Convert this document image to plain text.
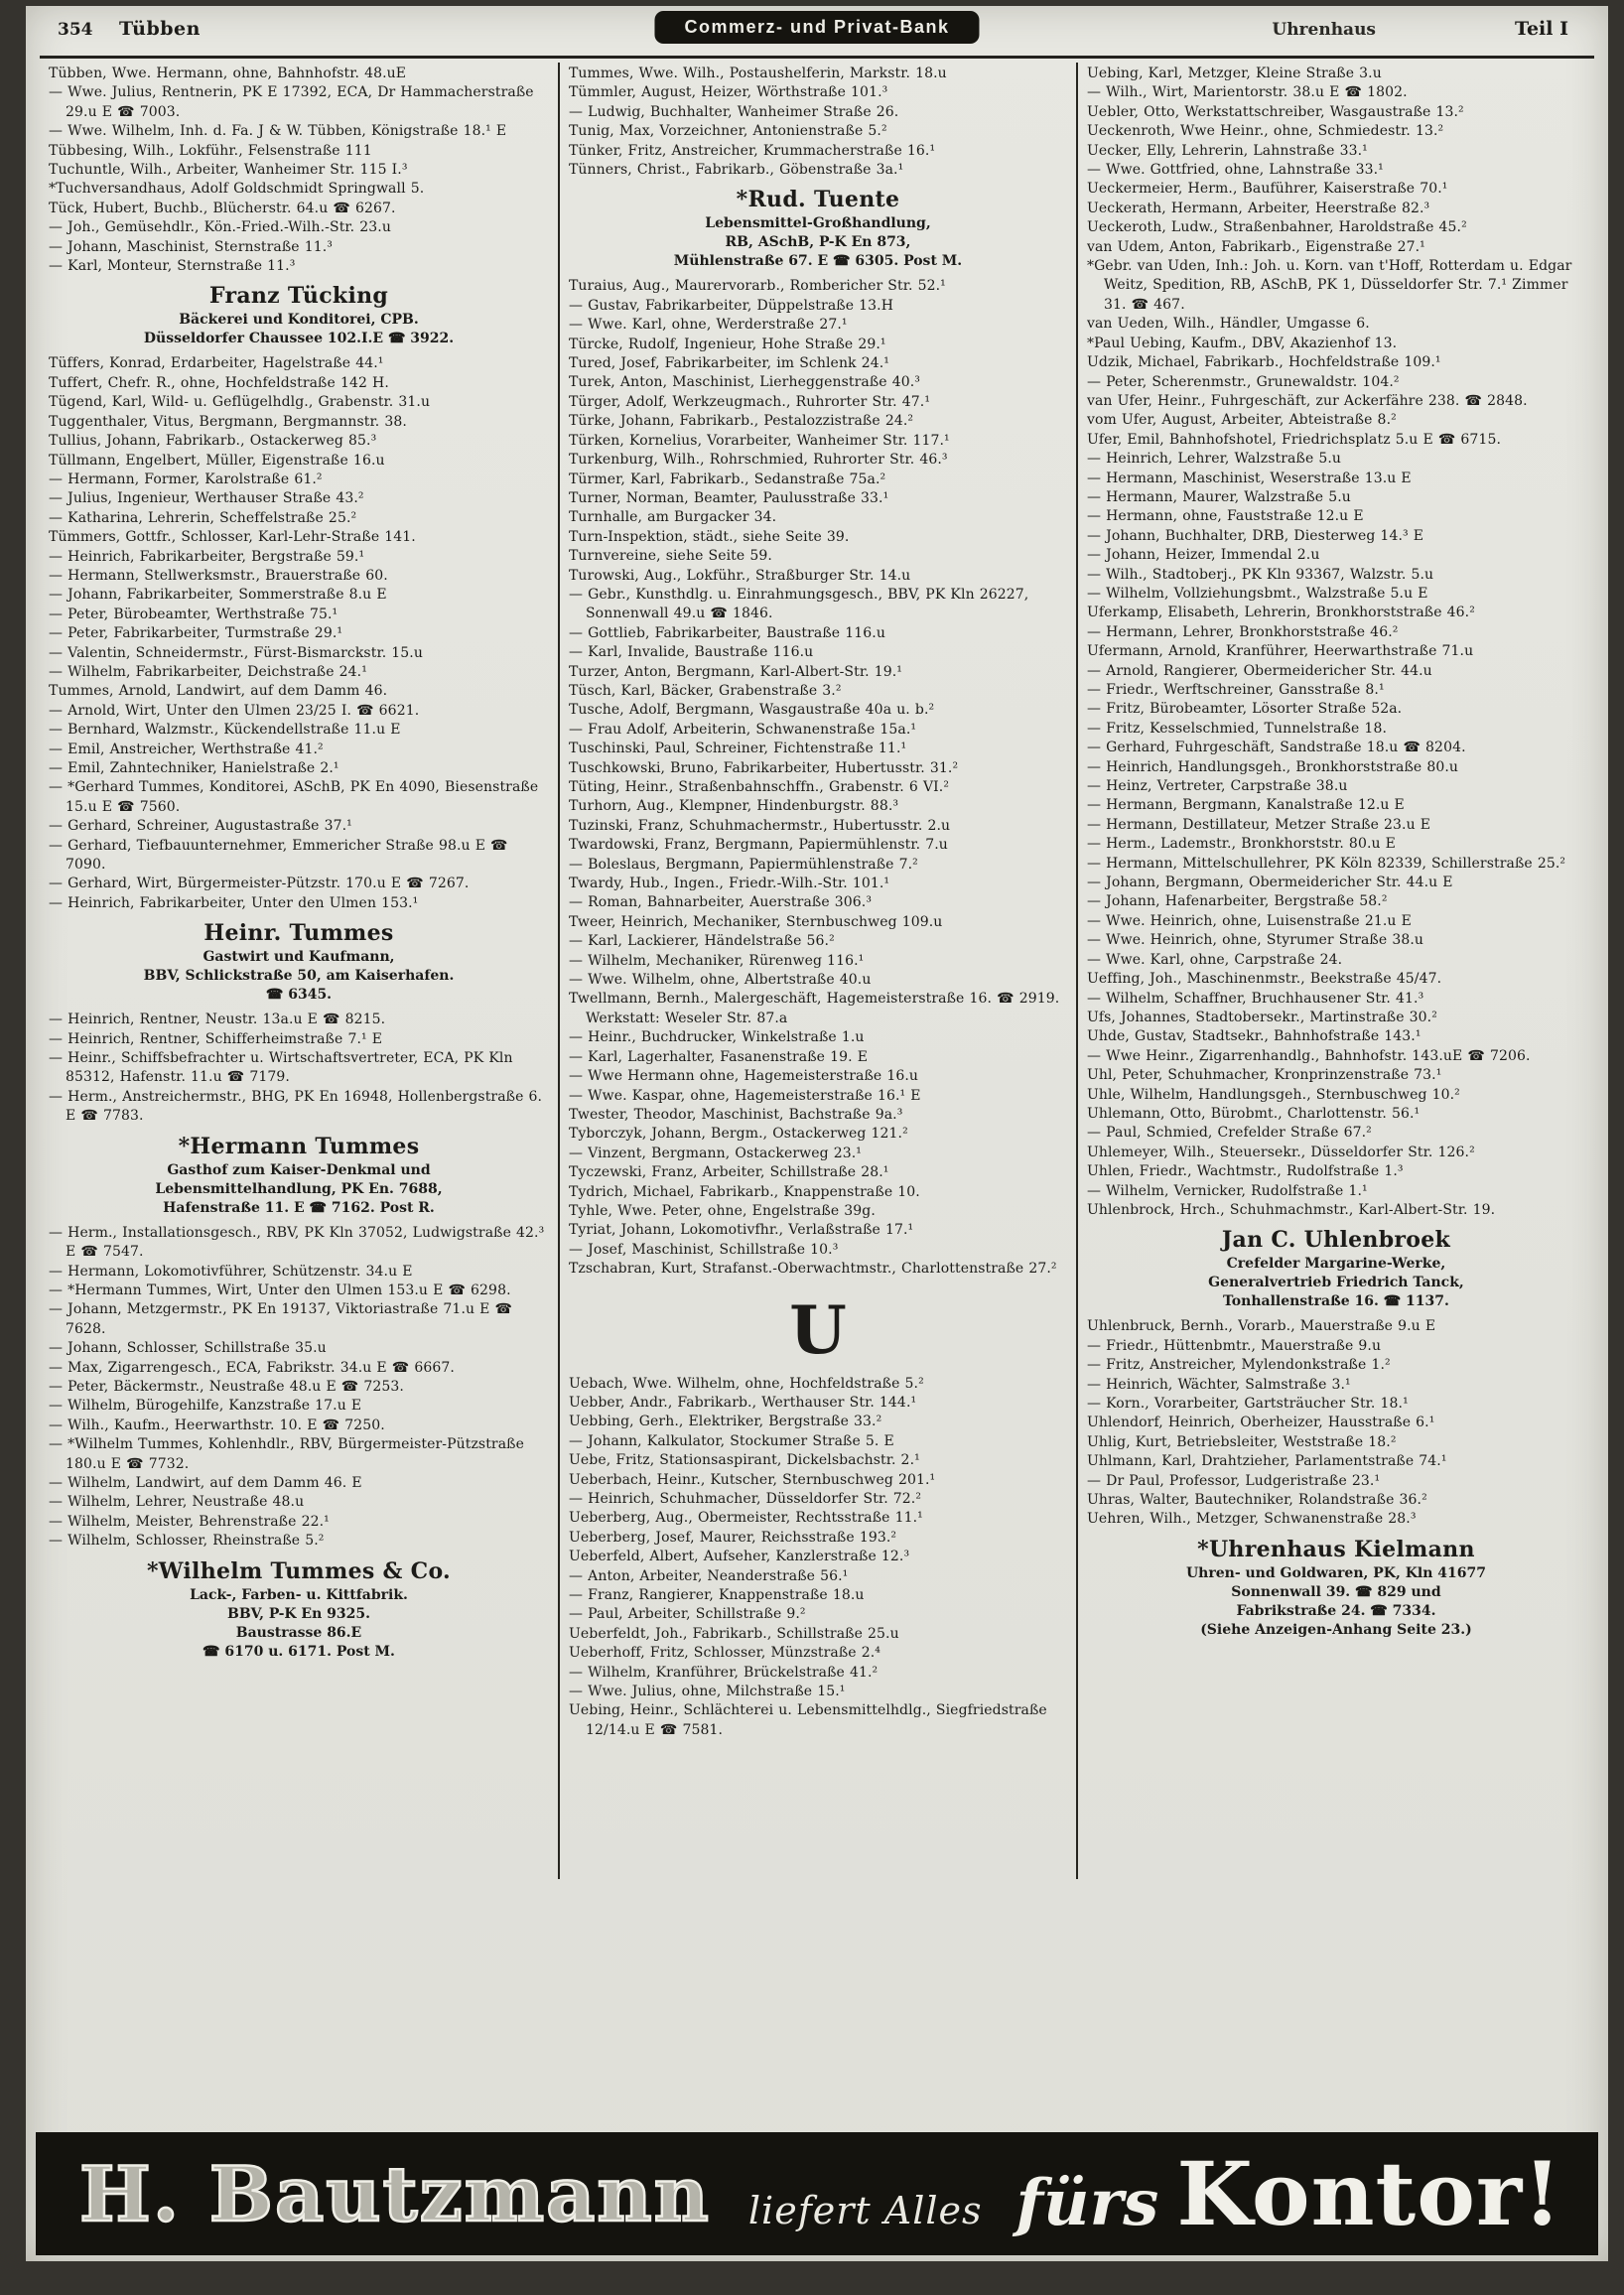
354 Tübben	Commerz- und Privat-Bank	Uhrenhaus	Teil I
Tübben, Wwe. Hermann, ohne, Bahnhofstr. 48.uE
— Wwe. Julius, Rentnerin, PK E 17392, ECA, Dr Hammacherstraße 29.u E ☎ 7003.
— Wwe. Wilhelm, Inh. d. Fa. J & W. Tübben, Königstraße 18.¹ E
Tübbesing, Wilh., Lokführ., Felsenstraße 111
Tuchuntle, Wilh., Arbeiter, Wanheimer Str. 115 I.³
*Tuchversandhaus, Adolf Goldschmidt Springwall 5.
Tück, Hubert, Buchb., Blücherstr. 64.u ☎ 6267.
— Joh., Gemüsehdlr., Kön.-Fried.-Wilh.-Str. 23.u
— Johann, Maschinist, Sternstraße 11.³
— Karl, Monteur, Sternstraße 11.³
Franz Tücking
Bäckerei und Konditorei, CPB.
Düsseldorfer Chaussee 102.I.E ☎ 3922.
Tüffers, Konrad, Erdarbeiter, Hagelstraße 44.¹
Tuffert, Chefr. R., ohne, Hochfeldstraße 142 H.
Tügend, Karl, Wild- u. Geflügelhdlg., Grabenstr. 31.u
Tuggenthaler, Vitus, Bergmann, Bergmannstr. 38.
Tullius, Johann, Fabrikarb., Ostackerweg 85.³
Tüllmann, Engelbert, Müller, Eigenstraße 16.u
— Hermann, Former, Karolstraße 61.²
— Julius, Ingenieur, Werthauser Straße 43.²
— Katharina, Lehrerin, Scheffelstraße 25.²
Tümmers, Gottfr., Schlosser, Karl-Lehr-Straße 141.
— Heinrich, Fabrikarbeiter, Bergstraße 59.¹
— Hermann, Stellwerksmstr., Brauerstraße 60.
— Johann, Fabrikarbeiter, Sommerstraße 8.u E
— Peter, Bürobeamter, Werthstraße 75.¹
— Peter, Fabrikarbeiter, Turmstraße 29.¹
— Valentin, Schneidermstr., Fürst-Bismarckstr. 15.u
— Wilhelm, Fabrikarbeiter, Deichstraße 24.¹
Tummes, Arnold, Landwirt, auf dem Damm 46.
— Arnold, Wirt, Unter den Ulmen 23/25 I. ☎ 6621.
— Bernhard, Walzmstr., Kückendellstraße 11.u E
— Emil, Anstreicher, Werthstraße 41.²
— Emil, Zahntechniker, Hanielstraße 2.¹
— *Gerhard Tummes, Konditorei, ASchB, PK En 4090, Biesenstraße 15.u E ☎ 7560.
— Gerhard, Schreiner, Augustastraße 37.¹
— Gerhard, Tiefbauunternehmer, Emmericher Straße 98.u E ☎ 7090.
— Gerhard, Wirt, Bürgermeister-Pützstr. 170.u E ☎ 7267.
— Heinrich, Fabrikarbeiter, Unter den Ulmen 153.¹
Heinr. Tummes
Gastwirt und Kaufmann,
BBV, Schlickstraße 50, am Kaiserhafen.
☎ 6345.
— Heinrich, Rentner, Neustr. 13a.u E ☎ 8215.
— Heinrich, Rentner, Schifferheimstraße 7.¹ E
— Heinr., Schiffsbefrachter u. Wirtschaftsvertreter, ECA, PK Kln 85312, Hafenstr. 11.u ☎ 7179.
— Herm., Anstreichermstr., BHG, PK En 16948, Hollenbergstraße 6. E ☎ 7783.
*Hermann Tummes
Gasthof zum Kaiser-Denkmal und
Lebensmittelhandlung, PK En. 7688,
Hafenstraße 11. E ☎ 7162. Post R.
— Herm., Installationsgesch., RBV, PK Kln 37052, Ludwigstraße 42.³ E ☎ 7547.
— Hermann, Lokomotivführer, Schützenstr. 34.u E
— *Hermann Tummes, Wirt, Unter den Ulmen 153.u E ☎ 6298.
— Johann, Metzgermstr., PK En 19137, Viktoriastraße 71.u E ☎ 7628.
— Johann, Schlosser, Schillstraße 35.u
— Max, Zigarrengesch., ECA, Fabrikstr. 34.u E ☎ 6667.
— Peter, Bäckermstr., Neustraße 48.u E ☎ 7253.
— Wilhelm, Bürogehilfe, Kanzstraße 17.u E
— Wilh., Kaufm., Heerwarthstr. 10. E ☎ 7250.
— *Wilhelm Tummes, Kohlenhdlr., RBV, Bürgermeister-Pützstraße 180.u E ☎ 7732.
— Wilhelm, Landwirt, auf dem Damm 46. E
— Wilhelm, Lehrer, Neustraße 48.u
— Wilhelm, Meister, Behrenstraße 22.¹
— Wilhelm, Schlosser, Rheinstraße 5.²
*Wilhelm Tummes & Co.
Lack-, Farben- u. Kittfabrik.
BBV, P-K En 9325.
Baustrasse 86.E
☎ 6170 u. 6171. Post M.
Tummes, Wwe. Wilh., Postaushelferin, Markstr. 18.u
Tümmler, August, Heizer, Wörthstraße 101.³
— Ludwig, Buchhalter, Wanheimer Straße 26.
Tunig, Max, Vorzeichner, Antonienstraße 5.²
Tünker, Fritz, Anstreicher, Krummacherstraße 16.¹
Tünners, Christ., Fabrikarb., Göbenstraße 3a.¹
*Rud. Tuente
Lebensmittel-Großhandlung,
RB, ASchB, P-K En 873,
Mühlenstraße 67. E ☎ 6305. Post M.
Turaius, Aug., Maurervorarb., Rombericher Str. 52.¹
— Gustav, Fabrikarbeiter, Düppelstraße 13.H
— Wwe. Karl, ohne, Werderstraße 27.¹
Türcke, Rudolf, Ingenieur, Hohe Straße 29.¹
Tured, Josef, Fabrikarbeiter, im Schlenk 24.¹
Turek, Anton, Maschinist, Lierheggenstraße 40.³
Türger, Adolf, Werkzeugmach., Ruhrorter Str. 47.¹
Türke, Johann, Fabrikarb., Pestalozzistraße 24.²
Türken, Kornelius, Vorarbeiter, Wanheimer Str. 117.¹
Turkenburg, Wilh., Rohrschmied, Ruhrorter Str. 46.³
Türmer, Karl, Fabrikarb., Sedanstraße 75a.²
Turner, Norman, Beamter, Paulusstraße 33.¹
Turnhalle, am Burgacker 34.
Turn-Inspektion, städt., siehe Seite 39.
Turnvereine, siehe Seite 59.
Turowski, Aug., Lokführ., Straßburger Str. 14.u
— Gebr., Kunsthdlg. u. Einrahmungsgesch., BBV, PK Kln 26227, Sonnenwall 49.u ☎ 1846.
— Gottlieb, Fabrikarbeiter, Baustraße 116.u
— Karl, Invalide, Baustraße 116.u
Turzer, Anton, Bergmann, Karl-Albert-Str. 19.¹
Tüsch, Karl, Bäcker, Grabenstraße 3.²
Tusche, Adolf, Bergmann, Wasgaustraße 40a u. b.²
— Frau Adolf, Arbeiterin, Schwanenstraße 15a.¹
Tuschinski, Paul, Schreiner, Fichtenstraße 11.¹
Tuschkowski, Bruno, Fabrikarbeiter, Hubertusstr. 31.²
Tüting, Heinr., Straßenbahnschffn., Grabenstr. 6 VI.²
Turhorn, Aug., Klempner, Hindenburgstr. 88.³
Tuzinski, Franz, Schuhmachermstr., Hubertusstr. 2.u
Twardowski, Franz, Bergmann, Papiermühlenstr. 7.u
— Boleslaus, Bergmann, Papiermühlenstraße 7.²
Twardy, Hub., Ingen., Friedr.-Wilh.-Str. 101.¹
— Roman, Bahnarbeiter, Auerstraße 306.³
Tweer, Heinrich, Mechaniker, Sternbuschweg 109.u
— Karl, Lackierer, Händelstraße 56.²
— Wilhelm, Mechaniker, Rürenweg 116.¹
— Wwe. Wilhelm, ohne, Albertstraße 40.u
Twellmann, Bernh., Malergeschäft, Hagemeisterstraße 16. ☎ 2919. Werkstatt: Weseler Str. 87.a
— Heinr., Buchdrucker, Winkelstraße 1.u
— Karl, Lagerhalter, Fasanenstraße 19. E
— Wwe Hermann ohne, Hagemeisterstraße 16.u
— Wwe. Kaspar, ohne, Hagemeisterstraße 16.¹ E
Twester, Theodor, Maschinist, Bachstraße 9a.³
Tyborczyk, Johann, Bergm., Ostackerweg 121.²
— Vinzent, Bergmann, Ostackerweg 23.¹
Tyczewski, Franz, Arbeiter, Schillstraße 28.¹
Tydrich, Michael, Fabrikarb., Knappenstraße 10.
Tyhle, Wwe. Peter, ohne, Engelstraße 39g.
Tyriat, Johann, Lokomotivfhr., Verlaßstraße 17.¹
— Josef, Maschinist, Schillstraße 10.³
Tzschabran, Kurt, Strafanst.-Oberwachtmstr., Charlottenstraße 27.²
U
Uebach, Wwe. Wilhelm, ohne, Hochfeldstraße 5.²
Uebber, Andr., Fabrikarb., Werthauser Str. 144.¹
Uebbing, Gerh., Elektriker, Bergstraße 33.²
— Johann, Kalkulator, Stockumer Straße 5. E
Uebe, Fritz, Stationsaspirant, Dickelsbachstr. 2.¹
Ueberbach, Heinr., Kutscher, Sternbuschweg 201.¹
— Heinrich, Schuhmacher, Düsseldorfer Str. 72.²
Ueberberg, Aug., Obermeister, Rechtsstraße 11.¹
Ueberberg, Josef, Maurer, Reichsstraße 193.²
Ueberfeld, Albert, Aufseher, Kanzlerstraße 12.³
— Anton, Arbeiter, Neanderstraße 56.¹
— Franz, Rangierer, Knappenstraße 18.u
— Paul, Arbeiter, Schillstraße 9.²
Ueberfeldt, Joh., Fabrikarb., Schillstraße 25.u
Ueberhoff, Fritz, Schlosser, Münzstraße 2.⁴
— Wilhelm, Kranführer, Brückelstraße 41.²
— Wwe. Julius, ohne, Milchstraße 15.¹
Uebing, Heinr., Schlächterei u. Lebensmittelhdlg., Siegfriedstraße 12/14.u E ☎ 7581.
Uebing, Karl, Metzger, Kleine Straße 3.u
— Wilh., Wirt, Marientorstr. 38.u E ☎ 1802.
Uebler, Otto, Werkstattschreiber, Wasgaustraße 13.²
Ueckenroth, Wwe Heinr., ohne, Schmiedestr. 13.²
Uecker, Elly, Lehrerin, Lahnstraße 33.¹
— Wwe. Gottfried, ohne, Lahnstraße 33.¹
Ueckermeier, Herm., Bauführer, Kaiserstraße 70.¹
Ueckerath, Hermann, Arbeiter, Heerstraße 82.³
Ueckeroth, Ludw., Straßenbahner, Haroldstraße 45.²
van Udem, Anton, Fabrikarb., Eigenstraße 27.¹
*Gebr. van Uden, Inh.: Joh. u. Korn. van t'Hoff, Rotterdam u. Edgar Weitz, Spedition, RB, ASchB, PK 1, Düsseldorfer Str. 7.¹ Zimmer 31. ☎ 467.
van Ueden, Wilh., Händler, Umgasse 6.
*Paul Uebing, Kaufm., DBV, Akazienhof 13.
Udzik, Michael, Fabrikarb., Hochfeldstraße 109.¹
— Peter, Scherenmstr., Grunewaldstr. 104.²
van Ufer, Heinr., Fuhrgeschäft, zur Ackerfähre 238. ☎ 2848.
vom Ufer, August, Arbeiter, Abteistraße 8.²
Ufer, Emil, Bahnhofshotel, Friedrichsplatz 5.u E ☎ 6715.
— Heinrich, Lehrer, Walzstraße 5.u
— Hermann, Maschinist, Weserstraße 13.u E
— Hermann, Maurer, Walzstraße 5.u
— Hermann, ohne, Fauststraße 12.u E
— Johann, Buchhalter, DRB, Diesterweg 14.³ E
— Johann, Heizer, Immendal 2.u
— Wilh., Stadtoberj., PK Kln 93367, Walzstr. 5.u
— Wilhelm, Vollziehungsbmt., Walzstraße 5.u E
Uferkamp, Elisabeth, Lehrerin, Bronkhorststraße 46.²
— Hermann, Lehrer, Bronkhorststraße 46.²
Ufermann, Arnold, Kranführer, Heerwarthstraße 71.u
— Arnold, Rangierer, Obermeidericher Str. 44.u
— Friedr., Werftschreiner, Gansstraße 8.¹
— Fritz, Bürobeamter, Lösorter Straße 52a.
— Fritz, Kesselschmied, Tunnelstraße 18.
— Gerhard, Fuhrgeschäft, Sandstraße 18.u ☎ 8204.
— Heinrich, Handlungsgeh., Bronkhorststraße 80.u
— Heinz, Vertreter, Carpstraße 38.u
— Hermann, Bergmann, Kanalstraße 12.u E
— Hermann, Destillateur, Metzer Straße 23.u E
— Herm., Lademstr., Bronkhorststr. 80.u E
— Hermann, Mittelschullehrer, PK Köln 82339, Schillerstraße 25.²
— Johann, Bergmann, Obermeidericher Str. 44.u E
— Johann, Hafenarbeiter, Bergstraße 58.²
— Wwe. Heinrich, ohne, Luisenstraße 21.u E
— Wwe. Heinrich, ohne, Styrumer Straße 38.u
— Wwe. Karl, ohne, Carpstraße 24.
Ueffing, Joh., Maschinenmstr., Beekstraße 45/47.
— Wilhelm, Schaffner, Bruchhausener Str. 41.³
Ufs, Johannes, Stadtobersekr., Martinstraße 30.²
Uhde, Gustav, Stadtsekr., Bahnhofstraße 143.¹
— Wwe Heinr., Zigarrenhandlg., Bahnhofstr. 143.uE ☎ 7206.
Uhl, Peter, Schuhmacher, Kronprinzenstraße 73.¹
Uhle, Wilhelm, Handlungsgeh., Sternbuschweg 10.²
Uhlemann, Otto, Bürobmt., Charlottenstr. 56.¹
— Paul, Schmied, Crefelder Straße 67.²
Uhlemeyer, Wilh., Steuersekr., Düsseldorfer Str. 126.²
Uhlen, Friedr., Wachtmstr., Rudolfstraße 1.³
— Wilhelm, Vernicker, Rudolfstraße 1.¹
Uhlenbrock, Hrch., Schuhmachmstr., Karl-Albert-Str. 19.
Jan C. Uhlenbroek
Crefelder Margarine-Werke,
Generalvertrieb Friedrich Tanck,
Tonhallenstraße 16. ☎ 1137.
Uhlenbruck, Bernh., Vorarb., Mauerstraße 9.u E
— Friedr., Hüttenbmtr., Mauerstraße 9.u
— Fritz, Anstreicher, Mylendonkstraße 1.²
— Heinrich, Wächter, Salmstraße 3.¹
— Korn., Vorarbeiter, Gartsträucher Str. 18.¹
Uhlendorf, Heinrich, Oberheizer, Hausstraße 6.¹
Uhlig, Kurt, Betriebsleiter, Weststraße 18.²
Uhlmann, Karl, Drahtzieher, Parlamentstraße 74.¹
— Dr Paul, Professor, Ludgeristraße 23.¹
Uhras, Walter, Bautechniker, Rolandstraße 36.²
Uehren, Wilh., Metzger, Schwanenstraße 28.³
*Uhrenhaus Kielmann
Uhren- und Goldwaren, PK, Kln 41677
Sonnenwall 39. ☎ 829 und
Fabrikstraße 24. ☎ 7334.
(Siehe Anzeigen-Anhang Seite 23.)
H. Bautzmann liefert Alles fürs Kontor!
